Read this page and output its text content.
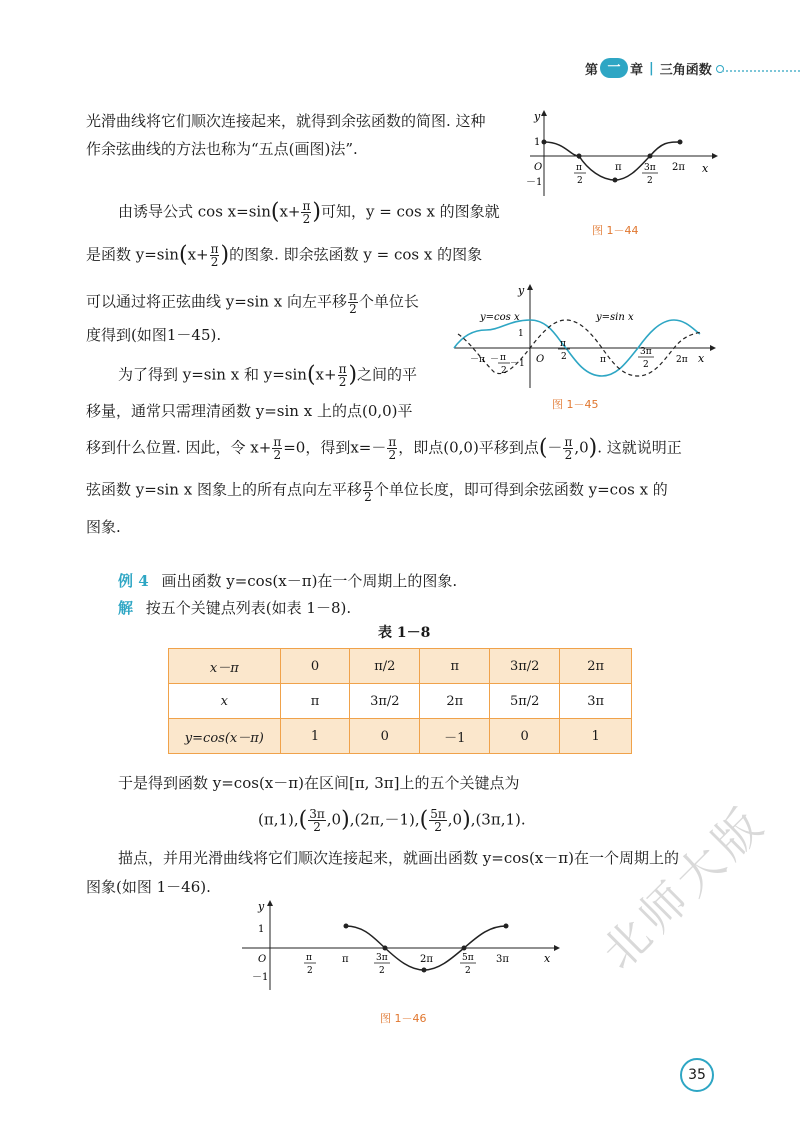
第 一 章 | 三角函数
光滑曲线将它们顺次连接起来，就得到余弦函数的简图. 这种
作余弦曲线的方法也称为“五点(画图)法”.
由诱导公式 $\cos x=\sin(x+ \frac{\pi}{2}$ )可知，y = cos x 的图象就
是函数 $y=\sin(x+ \frac{\pi}{2}$ )的图象. 即余弦函数 y = cos x 的图象
可以通过将正弦曲线 y=sin x 向左平移 $\frac{\pi}{2}$ 个单位长
度得到(如图1－45).
为了得到 y=sin x 和 $y=\sin(x+ \frac{\pi}{2}$ )之间的平
移量，通常只需理清函数 y=sin x 上的点(0,0)平
移到什么位置. 因此，令 $x+ \frac{\pi}{2} =0$，得到$x=- \frac{\pi}{2}$ ，即点(0,0)平移到点(－ $\frac{\pi}{2} ,0$). 这就说明正
弦函数 y=sin x 图象上的所有点向左平移 $\frac{\pi}{2}$ 个单位长度，即可得到余弦函数 y=cos x 的
图象.
y
x
O
1
－1
π	2π
π
2
3π
2
图 1－44
y
x
O
1
－1
y=cos x	y=sin x
－π － π
2
π
2	π
3π
2	2π
图 1－45
例 4 画出函数 y=cos(x－π)在一个周期上的图象.
解 按五个关键点列表(如表 1－8).
表 1－8
x－π	0	π/2	π	3π/2	2π
x	π	3π/2	2π	5π/2	3π
y=cos(x－π)	1	0	－1	0	1
于是得到函数 y=cos(x－π)在区间[π, 3π]上的五个关键点为
$(\pi,1),( \frac{3\pi}{2} ,0),(2\pi,-1),( \frac{5\pi}{2} ,0),(3\pi,1)$.
描点，并用光滑曲线将它们顺次连接起来，就画出函数 y=cos(x－π)在一个周期上的
图象(如图 1－46).
y
x
O
1
－1
π
2
π	3π
2
2π	5π
2
3π
图 1－46
北师大版
35
